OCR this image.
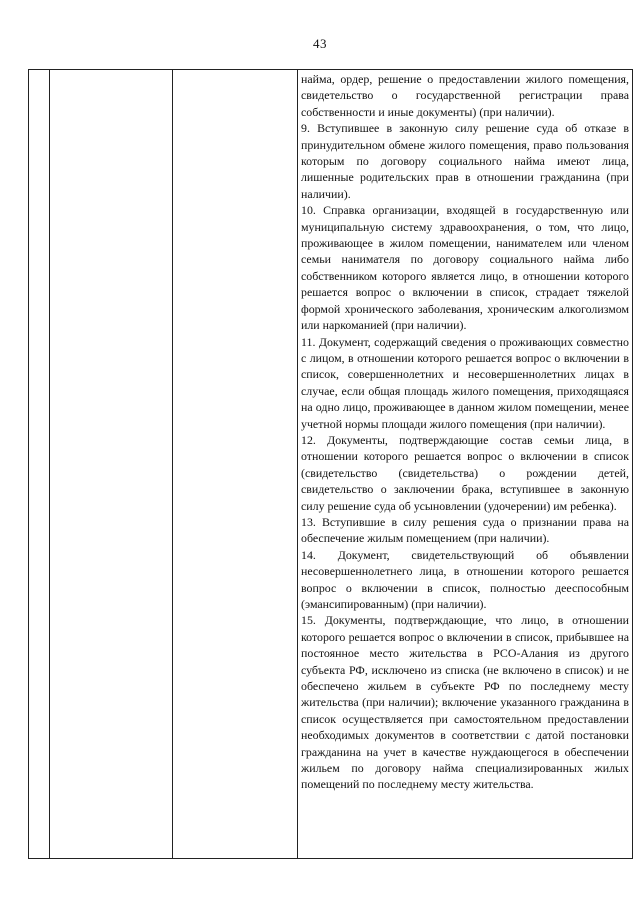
43

найма, ордер, решение о предоставлении жилого помещения, свидетельство о государственной регистрации права собственности и иные документы) (при наличии).

9. Вступившее в законную силу решение суда об отказе в принудительном обмене жилого помещения, право пользования которым по договору социального найма имеют лица, лишенные родительских прав в отношении гражданина (при наличии).

10. Справка организации, входящей в государственную или муниципальную систему здравоохранения, о том, что лицо, проживающее в жилом помещении, нанимателем или членом семьи нанимателя по договору социального найма либо собственником которого является лицо, в отношении которого решается вопрос о включении в список, страдает тяжелой формой хронического заболевания, хроническим алкоголизмом или наркоманией (при наличии).

11. Документ, содержащий сведения о проживающих совместно с лицом, в отношении которого решается вопрос о включении в список, совершеннолетних и несовершеннолетних лицах в случае, если общая площадь жилого помещения, приходящаяся на одно лицо, проживающее в данном жилом помещении, менее учетной нормы площади жилого помещения (при наличии).

12. Документы, подтверждающие состав семьи лица, в отношении которого решается вопрос о включении в список (свидетельство (свидетельства) о рождении детей, свидетельство о заключении брака, вступившее в законную силу решение суда об усыновлении (удочерении) им ребенка).

13. Вступившие в силу решения суда о признании права на обеспечение жилым помещением (при наличии).

14. Документ, свидетельствующий об объявлении несовершеннолетнего лица, в отношении которого решается вопрос о включении в список, полностью дееспособным (эмансипированным) (при наличии).

15. Документы, подтверждающие, что лицо, в отношении которого решается вопрос о включении в список, прибывшее на постоянное место жительства в РСО-Алания из другого субъекта РФ, исключено из списка (не включено в список) и не обеспечено жильем в субъекте РФ по последнему месту жительства (при наличии); включение указанного гражданина в список осуществляется при самостоятельном предоставлении необходимых документов в соответствии с датой постановки гражданина на учет в качестве нуждающегося в обеспечении жильем по договору найма специализированных жилых помещений по последнему месту жительства.
